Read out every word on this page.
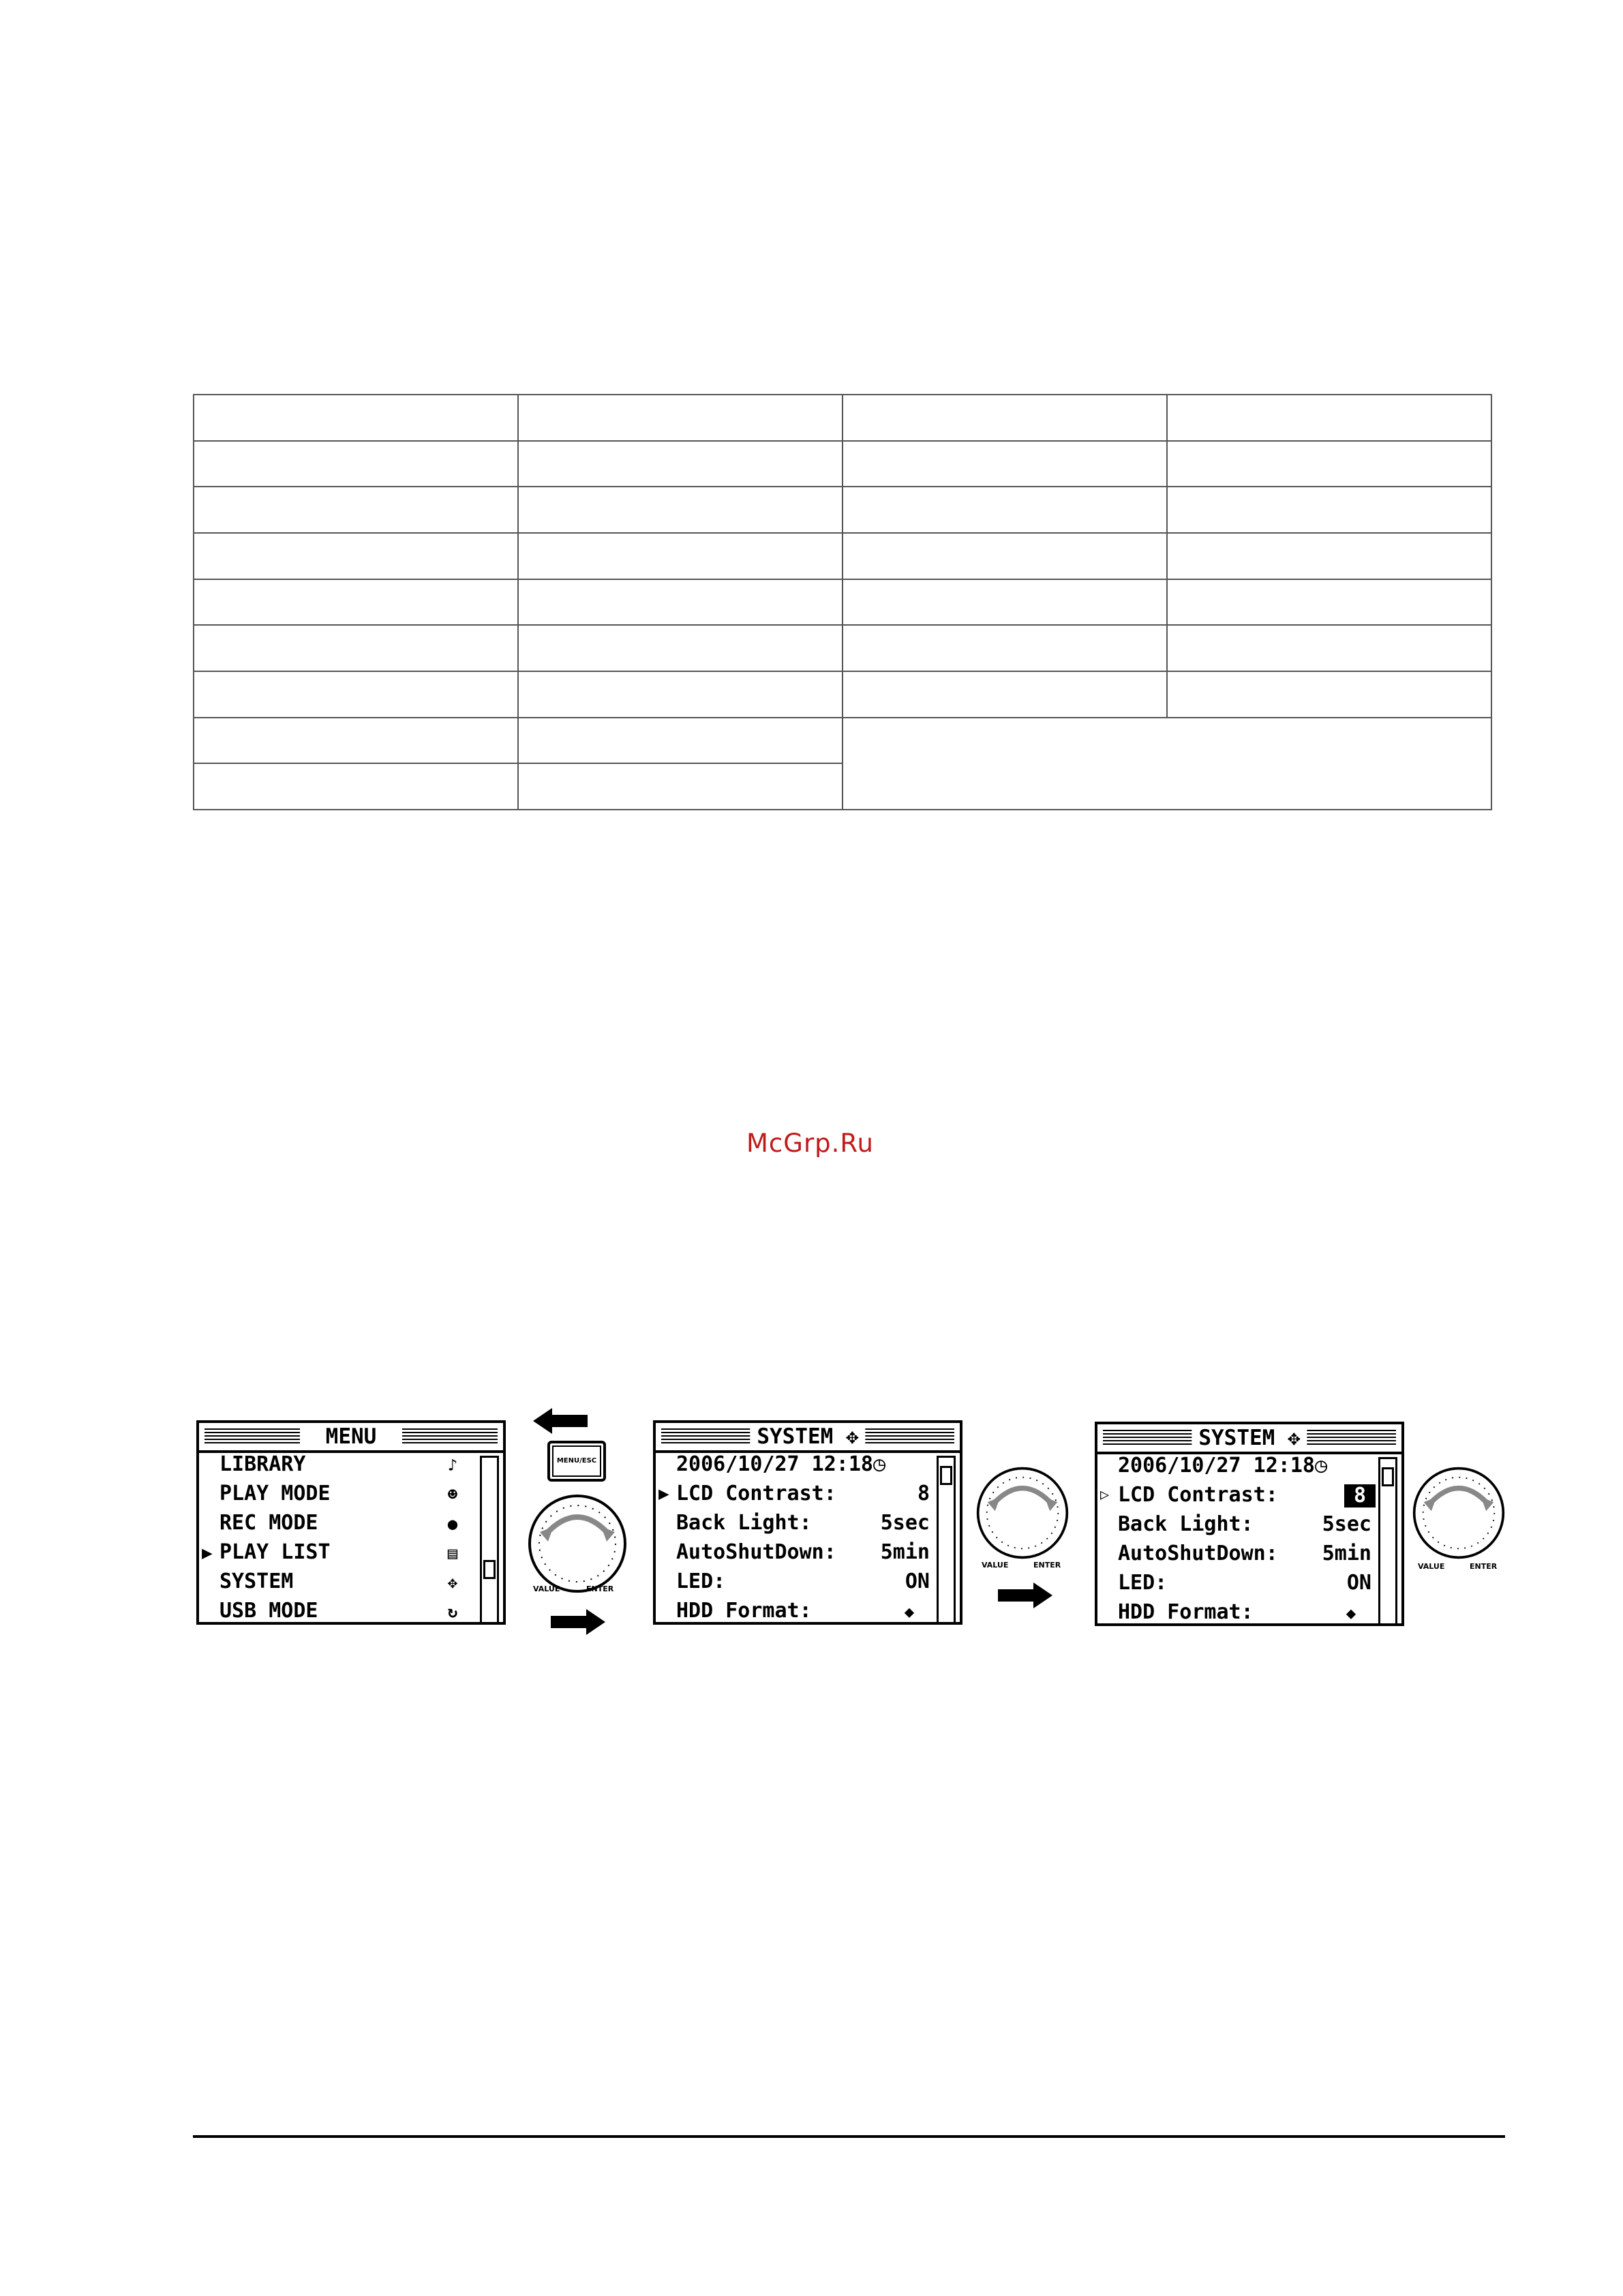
McGrp.Ru
MENU
▶
LIBRARY	♪
PLAY MODE	☻
REC MODE	●
PLAY LIST	▤
SYSTEM	✥
USB MODE	↻
MENU/ESC
VALUE	ENTER
SYSTEM ✥
2006/10/27 12:18◷
▶ LCD Contrast:	8
Back Light:	5sec
AutoShutDown: 5min
LED:	ON
HDD Format:	◆
VALUE	ENTER
SYSTEM ✥
2006/10/27 12:18◷
▷ LCD Contrast:	8
Back Light:	5sec
AutoShutDown: 5min
LED:	ON
HDD Format:	◆
VALUE	ENTER
